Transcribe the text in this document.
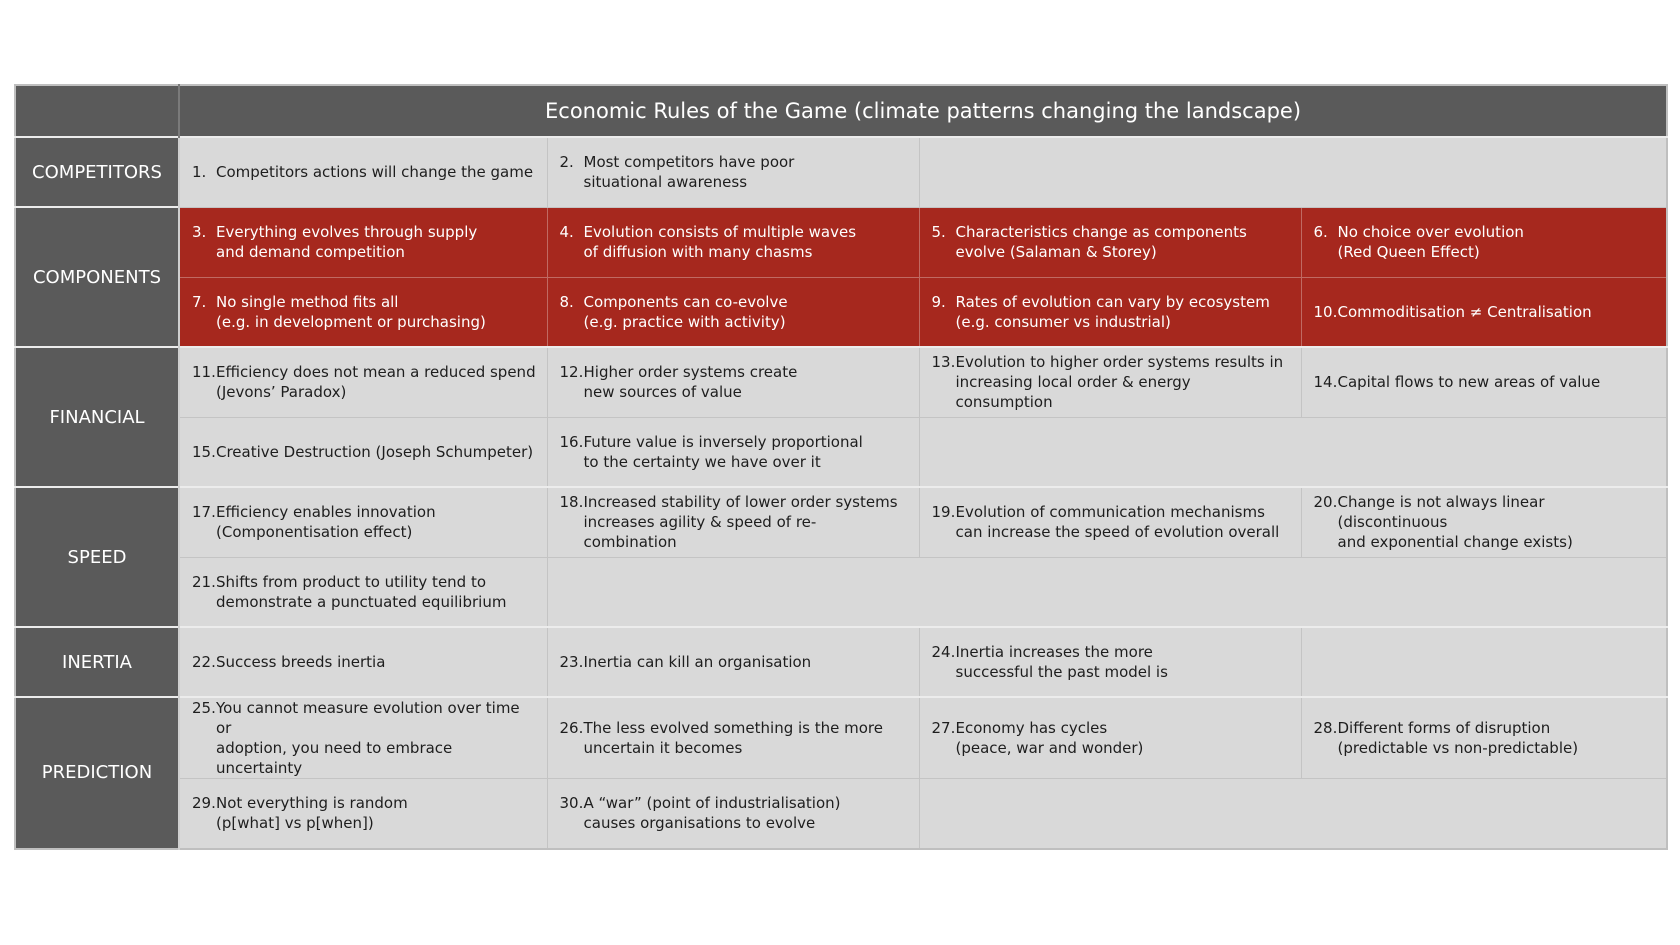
	Economic Rules of the Game (climate patterns changing the landscape)			
COMPETITORS	1. Competitors actions will change the game	2. Most competitors have poor
situational awareness		

COMPONENTS	3. Everything evolves through supply
and demand competition	4. Evolution consists of multiple waves
of diffusion with many chasms	5. Characteristics change as components
evolve (Salaman & Storey)	6. No choice over evolution
(Red Queen Effect)

	7. No single method fits all
(e.g. in development or purchasing)	8. Components can co-evolve
(e.g. practice with activity)	9. Rates of evolution can vary by ecosystem
(e.g. consumer vs industrial)	10. Commoditisation ≠ Centralisation

FINANCIAL	11. Efficiency does not mean a reduced spend
(Jevons’ Paradox)	12. Higher order systems create
new sources of value	13. Evolution to higher order systems results in
increasing local order & energy consumption	14. Capital flows to new areas of value

	15. Creative Destruction (Joseph Schumpeter)	16. Future value is inversely proportional
to the certainty we have over it		

SPEED	17. Efficiency enables innovation
(Componentisation effect)	18. Increased stability of lower order systems
increases agility & speed of re-combination	19. Evolution of communication mechanisms
can increase the speed of evolution overall	20. Change is not always linear (discontinuous
and exponential change exists)

	21. Shifts from product to utility tend to
demonstrate a punctuated equilibrium			

INERTIA	22. Success breeds inertia	23. Inertia can kill an organisation	24. Inertia increases the more
successful the past model is	

PREDICTION	25. You cannot measure evolution over time or
adoption, you need to embrace uncertainty	26. The less evolved something is the more
uncertain it becomes	27. Economy has cycles
(peace, war and wonder)	28. Different forms of disruption
(predictable vs non-predictable)

	29. Not everything is random
(p[what] vs p[when])	30. A “war” (point of industrialisation)
causes organisations to evolve		
